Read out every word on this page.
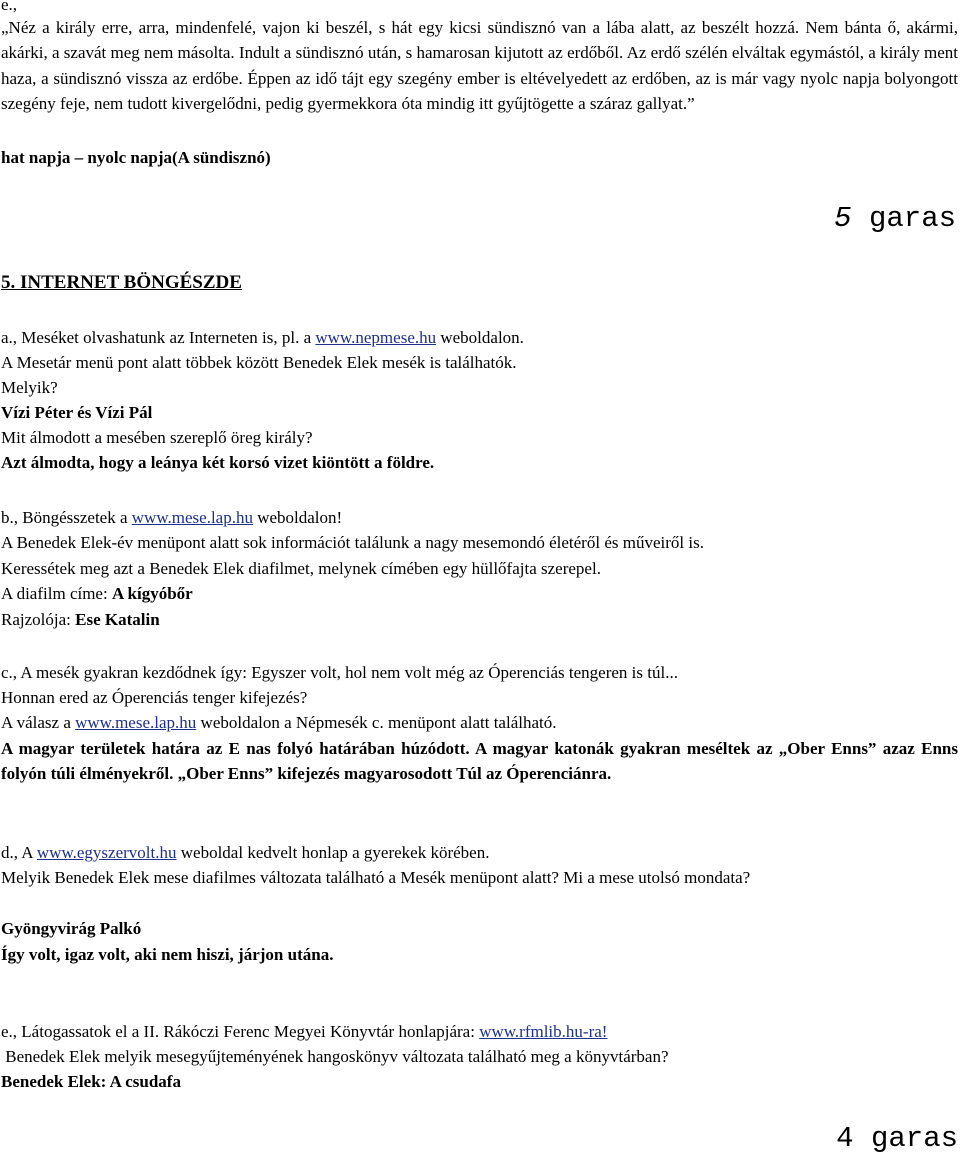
e.,

„Néz a király erre, arra, mindenfelé, vajon ki beszél, s hát egy kicsi sündisznó van a lába alatt, az beszélt hozzá. Nem bánta ő, akármi, akárki, a szavát meg nem másolta. Indult a sündisznó után, s hamarosan kijutott az erdőből. Az erdő szélén elváltak egymástól, a király ment haza, a sündisznó vissza az erdőbe. Éppen az idő tájt egy szegény ember is eltévelyedett az erdőben, az is már vagy nyolc napja bolyongott szegény feje, nem tudott kivergelődni, pedig gyermekkora óta mindig itt gyűjtögette a száraz gallyat.”

hat napja – nyolc napja(A sündisznó)

5 garas

5. INTERNET BÖNGÉSZDE

a., Meséket olvashatunk az Interneten is, pl. a www.nepmese.hu weboldalon.

A Mesetár menü pont alatt többek között Benedek Elek mesék is találhatók.

Melyik?

Vízi Péter és Vízi Pál

Mit álmodott a mesében szereplő öreg király?

Azt álmodta, hogy a leánya két korsó vizet kiöntött a földre.

b., Böngésszetek a www.mese.lap.hu weboldalon!

A Benedek Elek-év menüpont alatt sok információt találunk a nagy mesemondó életéről és műveiről is.

Keressétek meg azt a Benedek Elek diafilmet, melynek címében egy hüllőfajta szerepel.

A diafilm címe: A kígyóbőr

Rajzolója: Ese Katalin

c., A mesék gyakran kezdődnek így: Egyszer volt, hol nem volt még az Óperenciás tengeren is túl...

Honnan ered az Óperenciás tenger kifejezés?

A válasz a www.mese.lap.hu weboldalon a Népmesék c. menüpont alatt található.

A magyar területek határa az E nas folyó határában húzódott. A magyar katonák gyakran meséltek az „Ober Enns” azaz Enns folyón túli élményekről. „Ober Enns” kifejezés magyarosodott Túl az Óperenciánra.

d., A www.egyszervolt.hu weboldal kedvelt honlap a gyerekek körében.

Melyik Benedek Elek mese diafilmes változata található a Mesék menüpont alatt? Mi a mese utolsó mondata?

Gyöngyvirág Palkó

Így volt, igaz volt, aki nem hiszi, járjon utána.

e., Látogassatok el a II. Rákóczi Ferenc Megyei Könyvtár honlapjára: www.rfmlib.hu-ra!

Benedek Elek melyik mesegyűjteményének hangoskönyv változata található meg a könyvtárban?

Benedek Elek: A csudafa

4 garas
